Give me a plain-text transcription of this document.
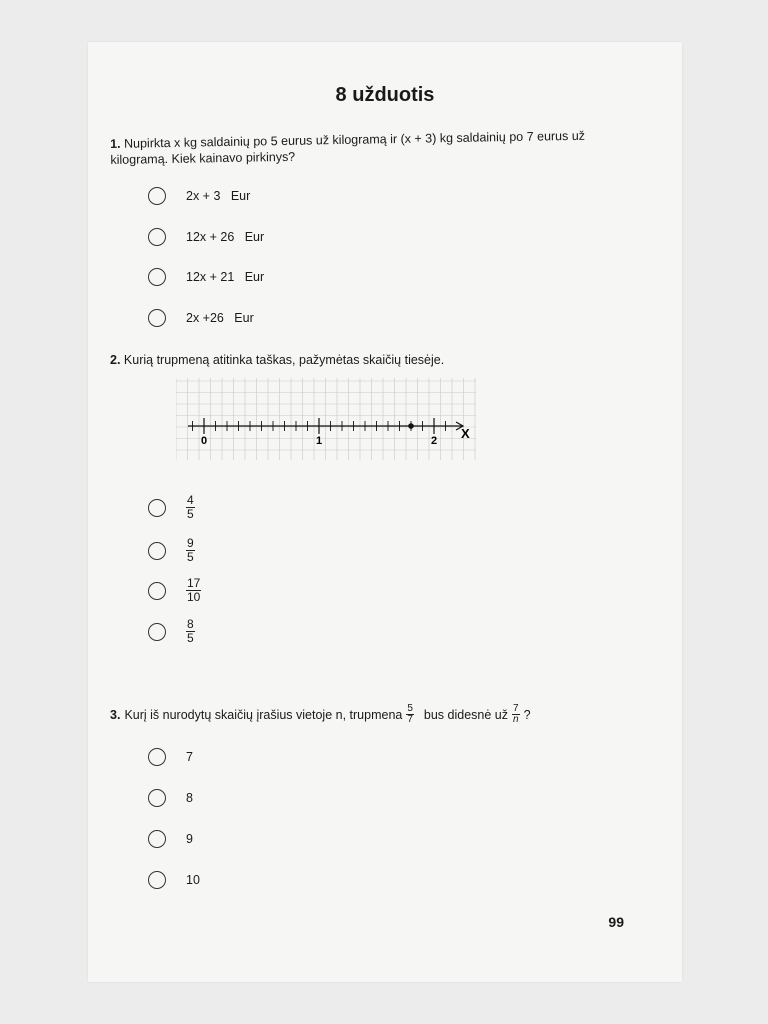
8 užduotis
1. Nupirkta x kg saldainių po 5 eurus už kilogramą ir (x + 3) kg saldainių po 7 eurus už kilogramą. Kiek kainavo pirkinys?
2x + 3   Eur
12x + 26   Eur
12x + 21   Eur
2x +26   Eur
2. Kurią trupmeną atitinka taškas, pažymėtas skaičių tiesėje.
0	1	2 X
$\frac{4}{5}$
$\frac{9}{5}$
$\frac{17}{10}$
$\frac{8}{5}$
3. Kurį iš nurodytų skaičių įrašius vietoje n, trupmena $\frac{5}{7}$ bus didesnė už $\frac{7}{n}$ ?
7
8
9
10
99
